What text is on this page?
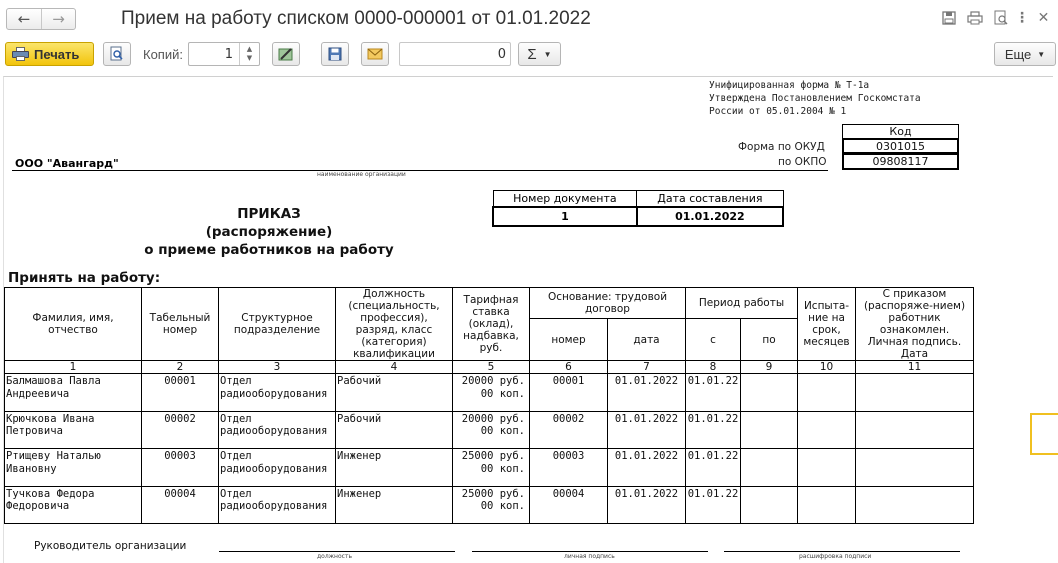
←	→	Прием на работу списком 0000-000001 от 01.01.2022	⋮ ✕
Печать	Копий:	1 ▲
▼	0 Σ ▼	Еще ▼
Унифицированная форма № Т-1а
Утверждена Постановлением Госкомстата
России от 05.01.2004 № 1
Код
Форма по ОКУД	0301015
по ОКПО	09808117
ООО "Авангард"
наименование организации
Номер документа	Дата составления
1	01.01.2022
ПРИКАЗ
(распоряжение)
о приеме работников на работу
Принять на работу:
Фамилия, имя, отчество	Табельный номер	Структурное подразделение	Должность (специальность, профессия), разряд, класс (категория) квалификации	Тарифная ставка (оклад), надбавка, руб.	Основание: трудовой договор		Период работы		Испыта-ние на срок, месяцев	С приказом (распоряже-нием) работник ознакомлен. Личная подпись. Дата
					номер	дата	с	по		
1	2	3	4	5	6	7	8	9	10	11
Балмашова Павла Андреевича	00001	Отдел радиооборудования	Рабочий	20000 руб. 00 коп.	00001	01.01.2022	01.01.22			
Крючкова Ивана Петровича	00002	Отдел радиооборудования	Рабочий	20000 руб. 00 коп.	00002	01.01.2022	01.01.22			
Ртищеву Наталью Ивановну	00003	Отдел радиооборудования	Инженер	25000 руб. 00 коп.	00003	01.01.2022	01.01.22			
Тучкова Федора Федоровича	00004	Отдел радиооборудования	Инженер	25000 руб. 00 коп.	00004	01.01.2022	01.01.22			
Руководитель организации
должность	личная подпись	расшифровка подписи
